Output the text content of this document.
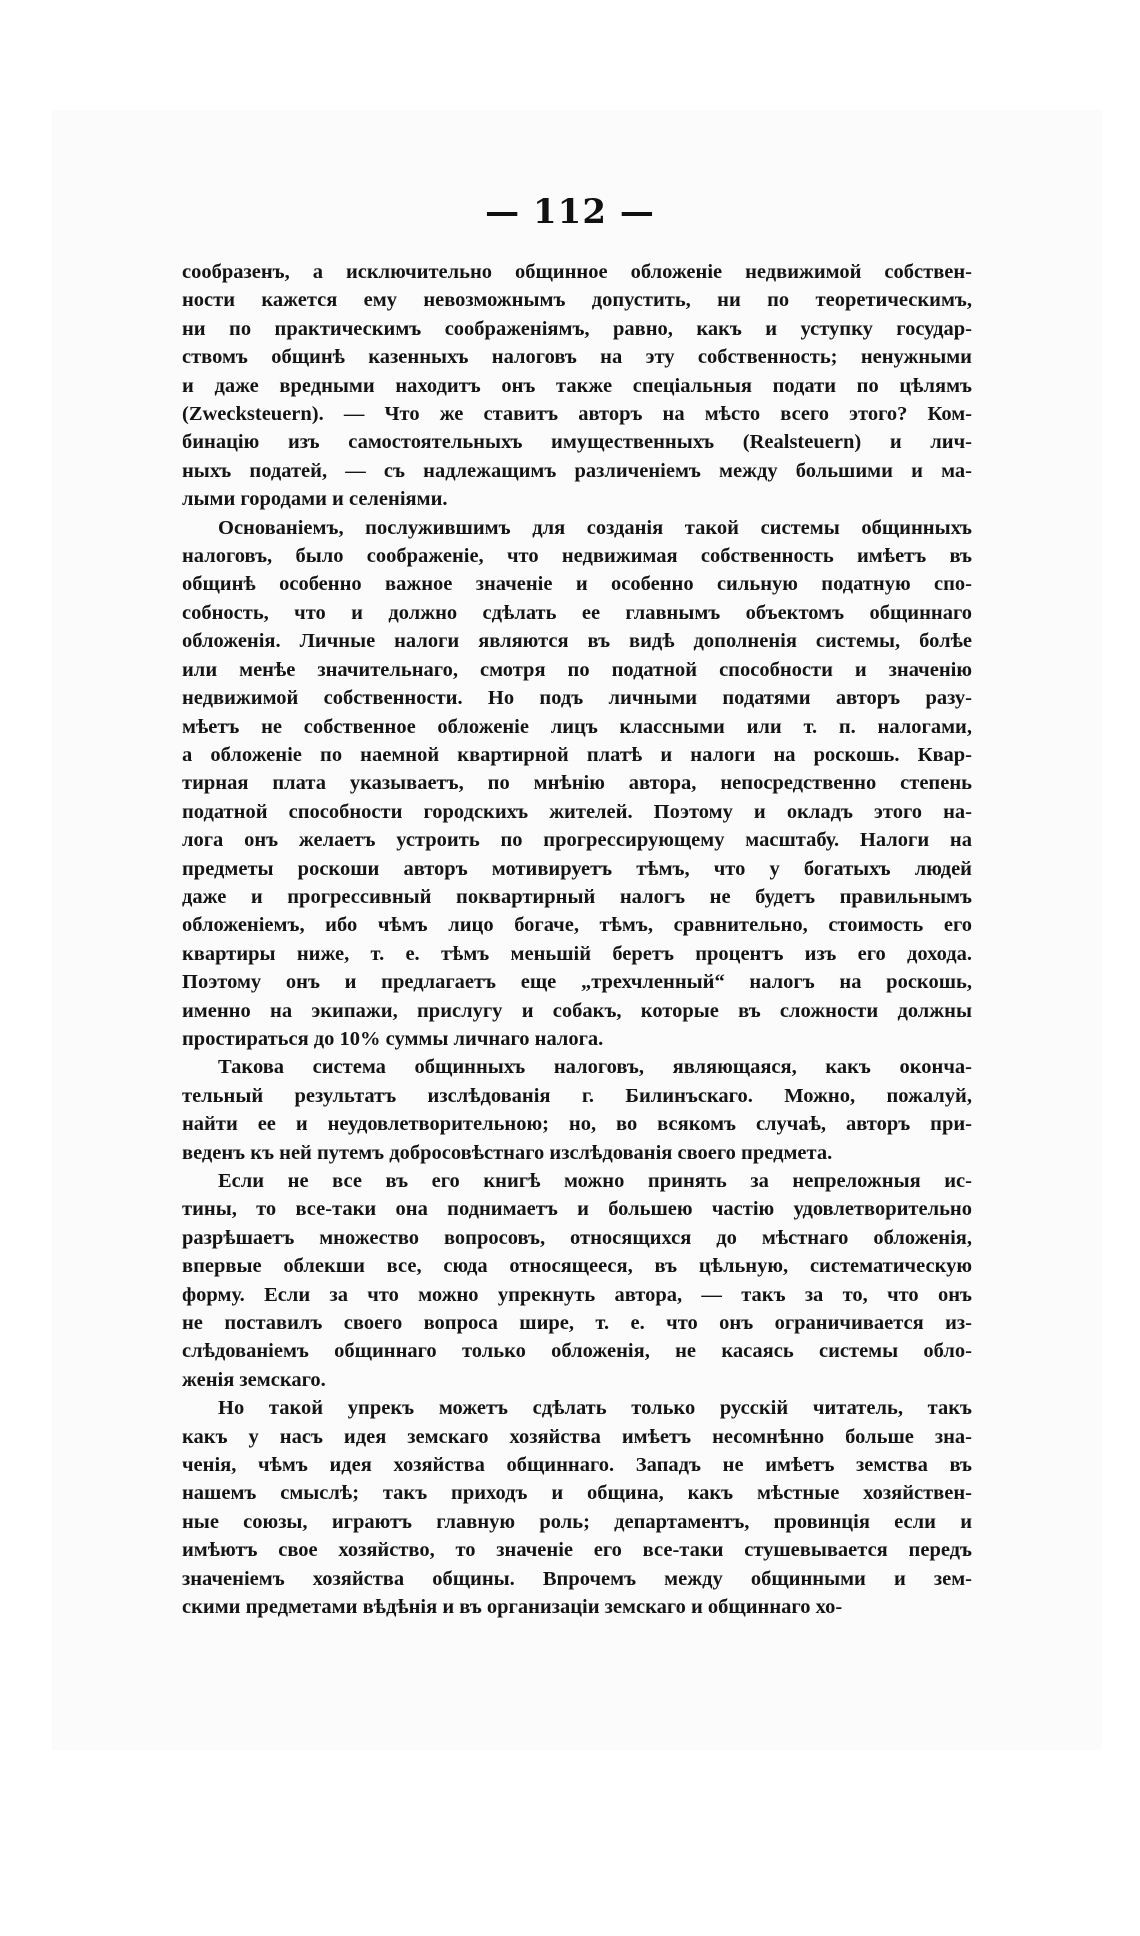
— 112 —

сообразенъ, а исключительно общинное обложеніе недвижимой собствен-
ности кажется ему невозможнымъ допустить, ни по теоретическимъ,
ни по практическимъ соображеніямъ, равно, какъ и уступку государ-
ствомъ общинѣ казенныхъ налоговъ на эту собственность; ненужными
и даже вредными находитъ онъ также спеціальныя подати по цѣлямъ
(Zwecksteuern). — Что же ставитъ авторъ на мѣсто всего этого? Ком-
бинацію изъ самостоятельныхъ имущественныхъ (Realsteuern) и лич-
ныхъ податей, — съ надлежащимъ различеніемъ между большими и ма-
лыми городами и селеніями.

Основаніемъ, послужившимъ для созданія такой системы общинныхъ
налоговъ, было соображеніе, что недвижимая собственность имѣетъ въ
общинѣ особенно важное значеніе и особенно сильную податную спо-
собность, что и должно сдѣлать ее главнымъ объектомъ общиннаго
обложенія. Личные налоги являются въ видѣ дополненія системы, болѣе
или менѣе значительнаго, смотря по податной способности и значенію
недвижимой собственности. Но подъ личными податями авторъ разу-
мѣетъ не собственное обложеніе лицъ классными или т. п. налогами,
а обложеніе по наемной квартирной платѣ и налоги на роскошь. Квар-
тирная плата указываетъ, по мнѣнію автора, непосредственно степень
податной способности городскихъ жителей. Поэтому и окладъ этого на-
лога онъ желаетъ устроить по прогрессирующему масштабу. Налоги на
предметы роскоши авторъ мотивируетъ тѣмъ, что у богатыхъ людей
даже и прогрессивный поквартирный налогъ не будетъ правильнымъ
обложеніемъ, ибо чѣмъ лицо богаче, тѣмъ, сравнительно, стоимость его
квартиры ниже, т. е. тѣмъ меньшій беретъ процентъ изъ его дохода.
Поэтому онъ и предлагаетъ еще „трехчленный“ налогъ на роскошь,
именно на экипажи, прислугу и собакъ, которые въ сложности должны
простираться до 10% суммы личнаго налога.

Такова система общинныхъ налоговъ, являющаяся, какъ оконча-
тельный результатъ изслѣдованія г. Билинъскаго. Можно, пожалуй,
найти ее и неудовлетворительною; но, во всякомъ случаѣ, авторъ при-
веденъ къ ней путемъ добросовѣстнаго изслѣдованія своего предмета.

Если не все въ его книгѣ можно принять за непреложныя ис-
тины, то все-таки она поднимаетъ и большею частію удовлетворительно
разрѣшаетъ множество вопросовъ, относящихся до мѣстнаго обложенія,
впервые облекши все, сюда относящееся, въ цѣльную, систематическую
форму. Если за что можно упрекнуть автора, — такъ за то, что онъ
не поставилъ своего вопроса шире, т. е. что онъ ограничивается из-
слѣдованіемъ общиннаго только обложенія, не касаясь системы обло-
женія земскаго.

Но такой упрекъ можетъ сдѣлать только русскій читатель, такъ
какъ у насъ идея земскаго хозяйства имѣетъ несомнѣнно больше зна-
ченія, чѣмъ идея хозяйства общиннаго. Западъ не имѣетъ земства въ
нашемъ смыслѣ; такъ приходъ и община, какъ мѣстные хозяйствен-
ные союзы, играютъ главную роль; департаментъ, провинція если и
имѣютъ свое хозяйство, то значеніе его все-таки стушевывается передъ
значеніемъ хозяйства общины. Впрочемъ между общинными и зем-
скими предметами вѣдѣнія и въ организаціи земскаго и общиннаго хо-
